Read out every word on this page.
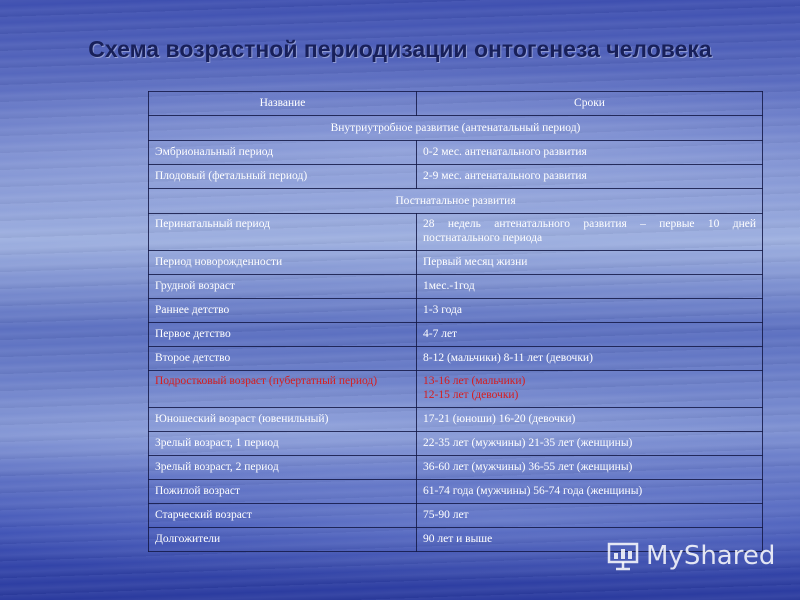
Схема возрастной периодизации онтогенеза человека
Название	Сроки
Внутриутробное развитие (антенатальный период)	
Эмбриональный период	0-2 мес. антенатального развития
Плодовый (фетальный период)	2-9 мес. антенатального развития
Постнатальное развития	
Перинатальный период	28 недель антенатального развития – первые 10 дней постнатального периода
Период новорожденности	Первый месяц жизни
Грудной возраст	1мес.-1год
Раннее детство	1-3 года
Первое детство	4-7 лет
Второе детство	8-12 (мальчики) 8-11 лет (девочки)
Подростковый возраст (пубертатный период)	13-16 лет (мальчики)
12-15 лет (девочки)

Юношеский возраст (ювенильный)	17-21 (юноши) 16-20 (девочки)
Зрелый возраст, 1 период	22-35 лет (мужчины) 21-35 лет (женщины)
Зрелый возраст, 2 период	36-60 лет (мужчины) 36-55 лет (женщины)
Пожилой возраст	61-74 года (мужчины) 56-74 года (женщины)
Старческий возраст	75-90 лет
Долгожители	90 лет и выше
MyShared
